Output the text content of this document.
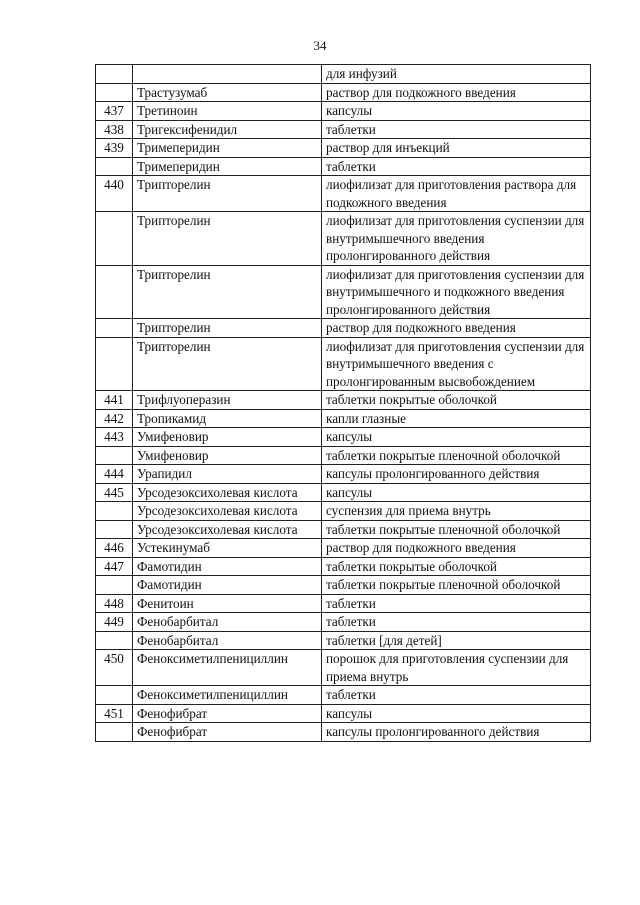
34
		для инфузий
	Трастузумаб	раствор для подкожного введения
437	Третиноин	капсулы
438	Тригексифенидил	таблетки
439	Тримеперидин	раствор для инъекций
	Тримеперидин	таблетки
440	Трипторелин	лиофилизат для приготовления раствора для подкожного введения
	Трипторелин	лиофилизат для приготовления суспензии для внутримышечного введения пролонгированного действия
	Трипторелин	лиофилизат для приготовления суспензии для внутримышечного и подкожного введения пролонгированного действия
	Трипторелин	раствор для подкожного введения
	Трипторелин	лиофилизат для приготовления суспензии для внутримышечного введения с пролонгированным высвобождением
441	Трифлуоперазин	таблетки покрытые оболочкой
442	Тропикамид	капли глазные
443	Умифеновир	капсулы
	Умифеновир	таблетки покрытые пленочной оболочкой
444	Урапидил	капсулы пролонгированного действия
445	Урсодезоксихолевая кислота	капсулы
	Урсодезоксихолевая кислота	суспензия для приема внутрь
	Урсодезоксихолевая кислота	таблетки покрытые пленочной оболочкой
446	Устекинумаб	раствор для подкожного введения
447	Фамотидин	таблетки покрытые оболочкой
	Фамотидин	таблетки покрытые пленочной оболочкой
448	Фенитоин	таблетки
449	Фенобарбитал	таблетки
	Фенобарбитал	таблетки [для детей]
450	Феноксиметилпенициллин	порошок для приготовления суспензии для приема внутрь
	Феноксиметилпенициллин	таблетки
451	Фенофибрат	капсулы
	Фенофибрат	капсулы пролонгированного действия
